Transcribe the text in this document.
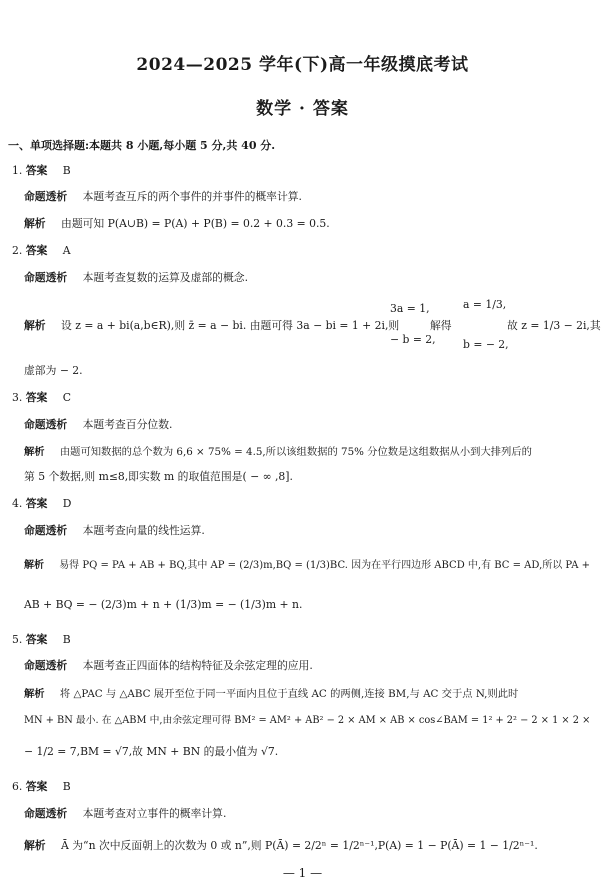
2024—2025 学年(下)高一年级摸底考试
数学 · 答案
一、单项选择题:本题共 8 小题,每小题 5 分,共 40 分.
1. 答案 B
命题透析 本题考查互斥的两个事件的并事件的概率计算.
解析 由题可知 P(A∪B) = P(A) + P(B) = 0.2 + 0.3 = 0.5.
2. 答案 A
命题透析 本题考查复数的运算及虚部的概念.
解析 设 z = a + bi(a,b∈R),则 z̄ = a − bi. 由题可得 3a − bi = 1 + 2i,则
3a = 1,
− b = 2,
解得
a = 1/3,
b = − 2,
故 z = 1/3 − 2i,其
虚部为 − 2.
3. 答案 C
命题透析 本题考查百分位数.
解析 由题可知数据的总个数为 6,6 × 75% = 4.5,所以该组数据的 75% 分位数是这组数据从小到大排列后的
第 5 个数据,则 m≤8,即实数 m 的取值范围是( − ∞ ,8].
4. 答案 D
命题透析 本题考查向量的线性运算.
解析 易得 PQ = PA + AB + BQ,其中 AP = (2/3)m,BQ = (1/3)BC. 因为在平行四边形 ABCD 中,有 BC = AD,所以 PA +
AB + BQ = − (2/3)m + n + (1/3)m = − (1/3)m + n.
5. 答案 B
命题透析 本题考查正四面体的结构特征及余弦定理的应用.
解析 将 △PAC 与 △ABC 展开至位于同一平面内且位于直线 AC 的两侧,连接 BM,与 AC 交于点 N,则此时
MN + BN 最小. 在 △ABM 中,由余弦定理可得 BM² = AM² + AB² − 2 × AM × AB × cos∠BAM = 1² + 2² − 2 × 1 × 2 ×
− 1/2 = 7,BM = √7,故 MN + BN 的最小值为 √7.
6. 答案 B
命题透析 本题考查对立事件的概率计算.
解析 Ā 为“n 次中反面朝上的次数为 0 或 n”,则 P(Ā) = 2/2ⁿ = 1/2ⁿ⁻¹,P(A) = 1 − P(Ā) = 1 − 1/2ⁿ⁻¹.
— 1 —
